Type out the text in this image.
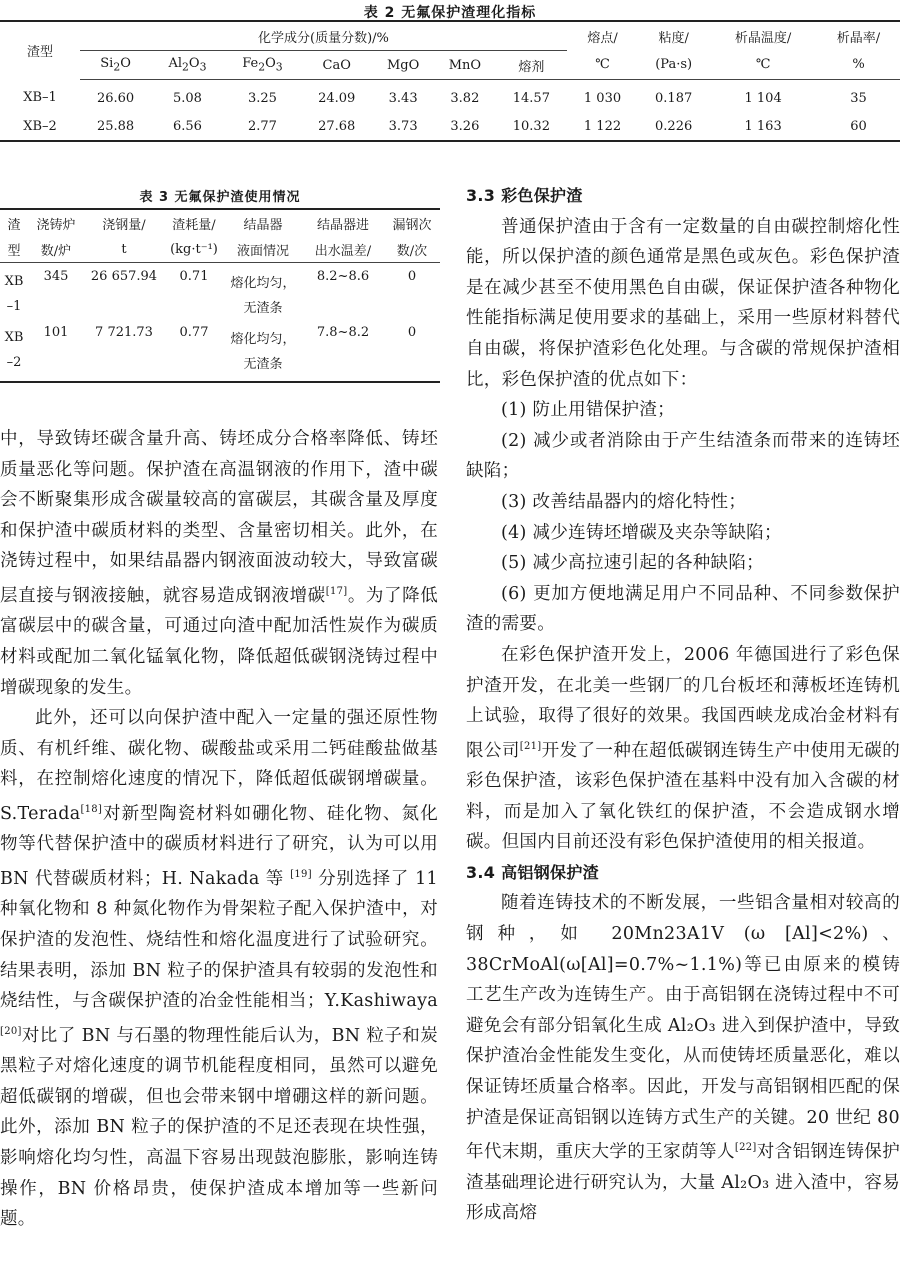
表 2 无氟保护渣理化指标
渣型	化学成分(质量分数)/%							熔点/	粘度/	析晶温度/	析晶率/
	$Si_2O$	$Al_2O_3$	$Fe_2O_3$	CaO	MgO	MnO	熔剂	℃	(Pa·s)	℃	%
XB–1	26.60	5.08	3.25	24.09	3.43	3.82	14.57	1 030	0.187	1 104	35
XB–2	25.88	6.56	2.77	27.68	3.73	3.26	10.32	1 122	0.226	1 163	60
表 3 无氟保护渣使用情况
渣	浇铸炉	浇钢量/	渣耗量/	结晶器	结晶器进	漏钢次
型	数/炉	t	(kg·t⁻¹)	液面情况	出水温差/	数/次
XB	345	26 657.94	0.71	熔化均匀，	8.2~8.6	0
–1				无渣条		
XB	101	7 721.73	0.77	熔化均匀，	7.8~8.2	0
–2				无渣条		

中，导致铸坯碳含量升高、铸坯成分合格率降低、铸坯质量恶化等问题。保护渣在高温钢液的作用下，渣中碳会不断聚集形成含碳量较高的富碳层，其碳含量及厚度和保护渣中碳质材料的类型、含量密切相关。此外，在浇铸过程中，如果结晶器内钢液面波动较大，导致富碳层直接与钢液接触，就容易造成钢液增碳[17]。为了降低富碳层中的碳含量，可通过向渣中配加活性炭作为碳质材料或配加二氧化锰氧化物，降低超低碳钢浇铸过程中增碳现象的发生。

此外，还可以向保护渣中配入一定量的强还原性物质、有机纤维、碳化物、碳酸盐或采用二钙硅酸盐做基料，在控制熔化速度的情况下，降低超低碳钢增碳量。S.Terada[18]对新型陶瓷材料如硼化物、硅化物、氮化物等代替保护渣中的碳质材料进行了研究，认为可以用 BN 代替碳质材料；H. Nakada 等 [19] 分别选择了 11 种氧化物和 8 种氮化物作为骨架粒子配入保护渣中，对保护渣的发泡性、烧结性和熔化温度进行了试验研究。结果表明，添加 BN 粒子的保护渣具有较弱的发泡性和烧结性，与含碳保护渣的冶金性能相当；Y.Kashiwaya [20]对比了 BN 与石墨的物理性能后认为，BN 粒子和炭黑粒子对熔化速度的调节机能程度相同，虽然可以避免超低碳钢的增碳，但也会带来钢中增硼这样的新问题。此外，添加 BN 粒子的保护渣的不足还表现在块性强，影响熔化均匀性，高温下容易出现鼓泡膨胀，影响连铸操作，BN 价格昂贵，使保护渣成本增加等一些新问题。

3.3 彩色保护渣

普通保护渣由于含有一定数量的自由碳控制熔化性能，所以保护渣的颜色通常是黑色或灰色。彩色保护渣是在减少甚至不使用黑色自由碳，保证保护渣各种物化性能指标满足使用要求的基础上，采用一些原材料替代自由碳，将保护渣彩色化处理。与含碳的常规保护渣相比，彩色保护渣的优点如下：

(1) 防止用错保护渣；

(2) 减少或者消除由于产生结渣条而带来的连铸坯缺陷；

(3) 改善结晶器内的熔化特性；

(4) 减少连铸坯增碳及夹杂等缺陷；

(5) 减少高拉速引起的各种缺陷；

(6) 更加方便地满足用户不同品种、不同参数保护渣的需要。

在彩色保护渣开发上，2006 年德国进行了彩色保护渣开发，在北美一些钢厂的几台板坯和薄板坯连铸机上试验，取得了很好的效果。我国西峡龙成冶金材料有限公司[21]开发了一种在超低碳钢连铸生产中使用无碳的彩色保护渣，该彩色保护渣在基料中没有加入含碳的材料，而是加入了氧化铁红的保护渣，不会造成钢水增碳。但国内目前还没有彩色保护渣使用的相关报道。

3.4 高铝钢保护渣

随着连铸技术的不断发展，一些铝含量相对较高的钢种，如 20Mn23A1V (ω [Al]<2%)、38CrMoAl(ω[Al]=0.7%~1.1%)等已由原来的模铸工艺生产改为连铸生产。由于高铝钢在浇铸过程中不可避免会有部分铝氧化生成 Al₂O₃ 进入到保护渣中，导致保护渣冶金性能发生变化，从而使铸坯质量恶化，难以保证铸坯质量合格率。因此，开发与高铝钢相匹配的保护渣是保证高铝钢以连铸方式生产的关键。20 世纪 80 年代末期，重庆大学的王家荫等人[22]对含铝钢连铸保护渣基础理论进行研究认为，大量 Al₂O₃ 进入渣中，容易形成高熔
